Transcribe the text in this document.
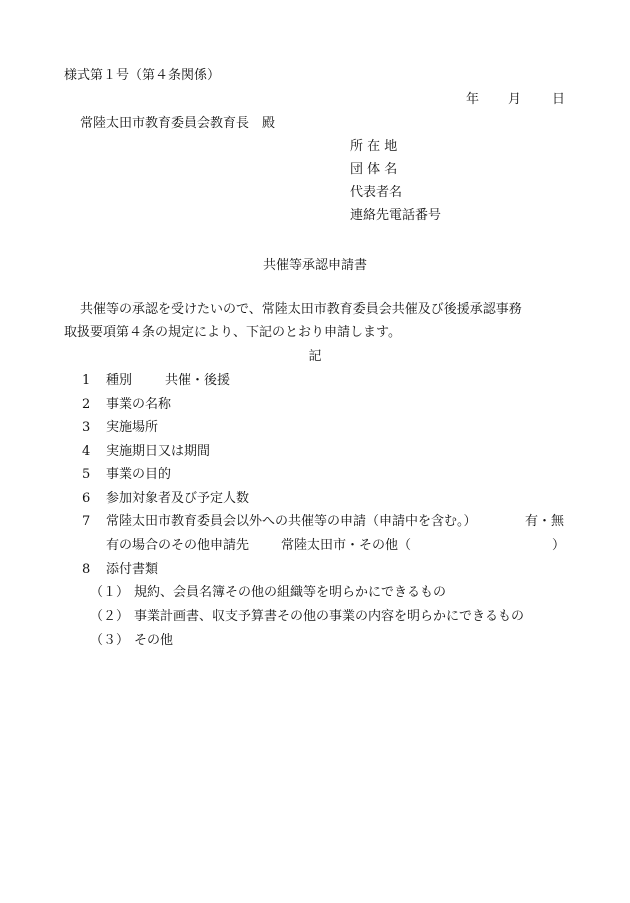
様式第１号（第４条関係）
年 月 日
常陸太田市教育委員会教育長　殿
所 在 地
団 体 名
代表者名
連絡先電話番号
共催等承認申請書
共催等の承認を受けたいので、常陸太田市教育委員会共催及び後援承認事務
取扱要項第４条の規定により、下記のとおり申請します。
記
1 種別	共催・後援
2 事業の名称
3 実施場所
4 実施期日又は期間
5 事業の目的
6 参加対象者及び予定人数
7 常陸太田市教育委員会以外への共催等の申請（申請中を含む。）	有・無
有の場合のその他申請先 常陸太田市・その他（	）
8 添付書類
（１） 規約、会員名簿その他の組織等を明らかにできるもの
（２） 事業計画書、収支予算書その他の事業の内容を明らかにできるもの
（３） その他
